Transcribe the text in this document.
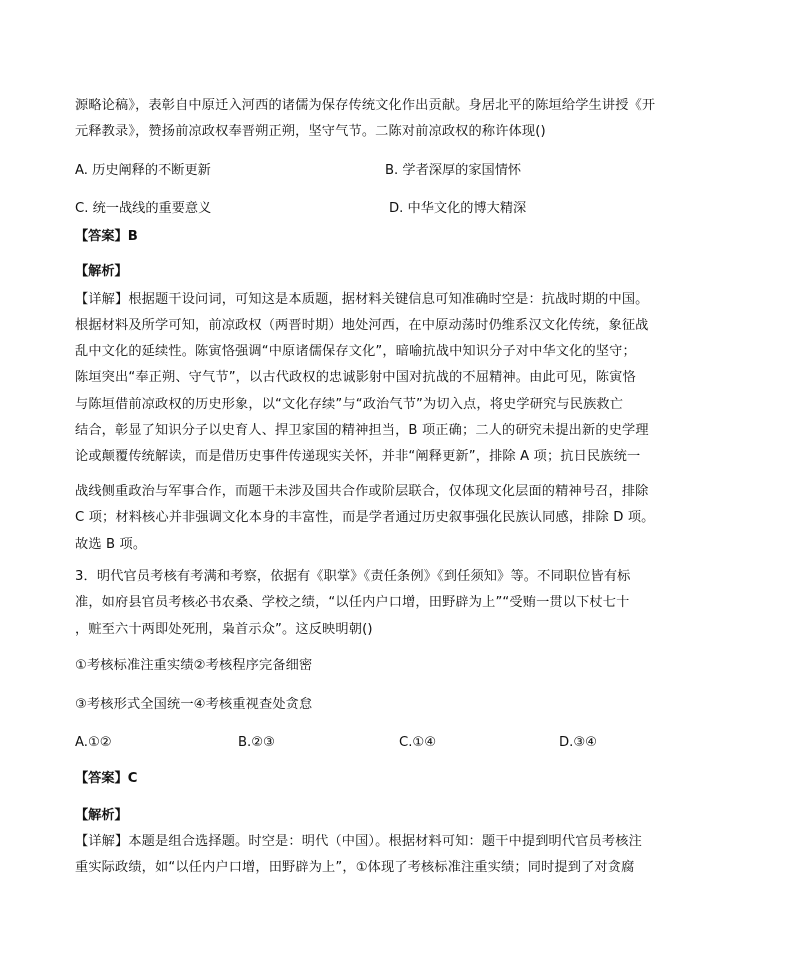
源略论稿》，表彰自中原迁入河西的诸儒为保存传统文化作出贡献。身居北平的陈垣给学生讲授《开
元释教录》，赞扬前凉政权奉晋朔正朔，坚守气节。二陈对前凉政权的称许体现()
A. 历史阐释的不断更新	B. 学者深厚的家国情怀
C. 统一战线的重要意义	D. 中华文化的博大精深
【答案】B
【解析】
【详解】根据题干设问词，可知这是本质题，据材料关键信息可知准确时空是：抗战时期的中国。
根据材料及所学可知，前凉政权（两晋时期）地处河西，在中原动荡时仍维系汉文化传统，象征战
乱中文化的延续性。陈寅恪强调“中原诸儒保存文化”，暗喻抗战中知识分子对中华文化的坚守；
陈垣突出“奉正朔、守气节”，以古代政权的忠诚影射中国对抗战的不屈精神。由此可见，陈寅恪
与陈垣借前凉政权的历史形象，以“文化存续”与“政治气节”为切入点，将史学研究与民族救亡
结合，彰显了知识分子以史育人、捍卫家国的精神担当，B 项正确；二人的研究未提出新的史学理
论或颠覆传统解读，而是借历史事件传递现实关怀，并非“阐释更新”，排除 A 项；抗日民族统一
战线侧重政治与军事合作，而题干未涉及国共合作或阶层联合，仅体现文化层面的精神号召，排除
C 项；材料核心并非强调文化本身的丰富性，而是学者通过历史叙事强化民族认同感，排除 D 项。
故选 B 项。
3．明代官员考核有考满和考察，依据有《职掌》《责任条例》《到任须知》等。不同职位皆有标
准，如府县官员考核必书农桑、学校之绩，“以任内户口增，田野辟为上”“受贿一贯以下杖七十
，赃至六十两即处死刑，枭首示众”。这反映明朝()
①考核标准注重实绩②考核程序完备细密
③考核形式全国统一④考核重视查处贪怠
A.①②	B.②③	C.①④	D.③④
【答案】C
【解析】
【详解】本题是组合选择题。时空是：明代（中国）。根据材料可知：题干中提到明代官员考核注
重实际政绩，如“以任内户口增，田野辟为上”，①体现了考核标准注重实绩；同时提到了对贪腐
